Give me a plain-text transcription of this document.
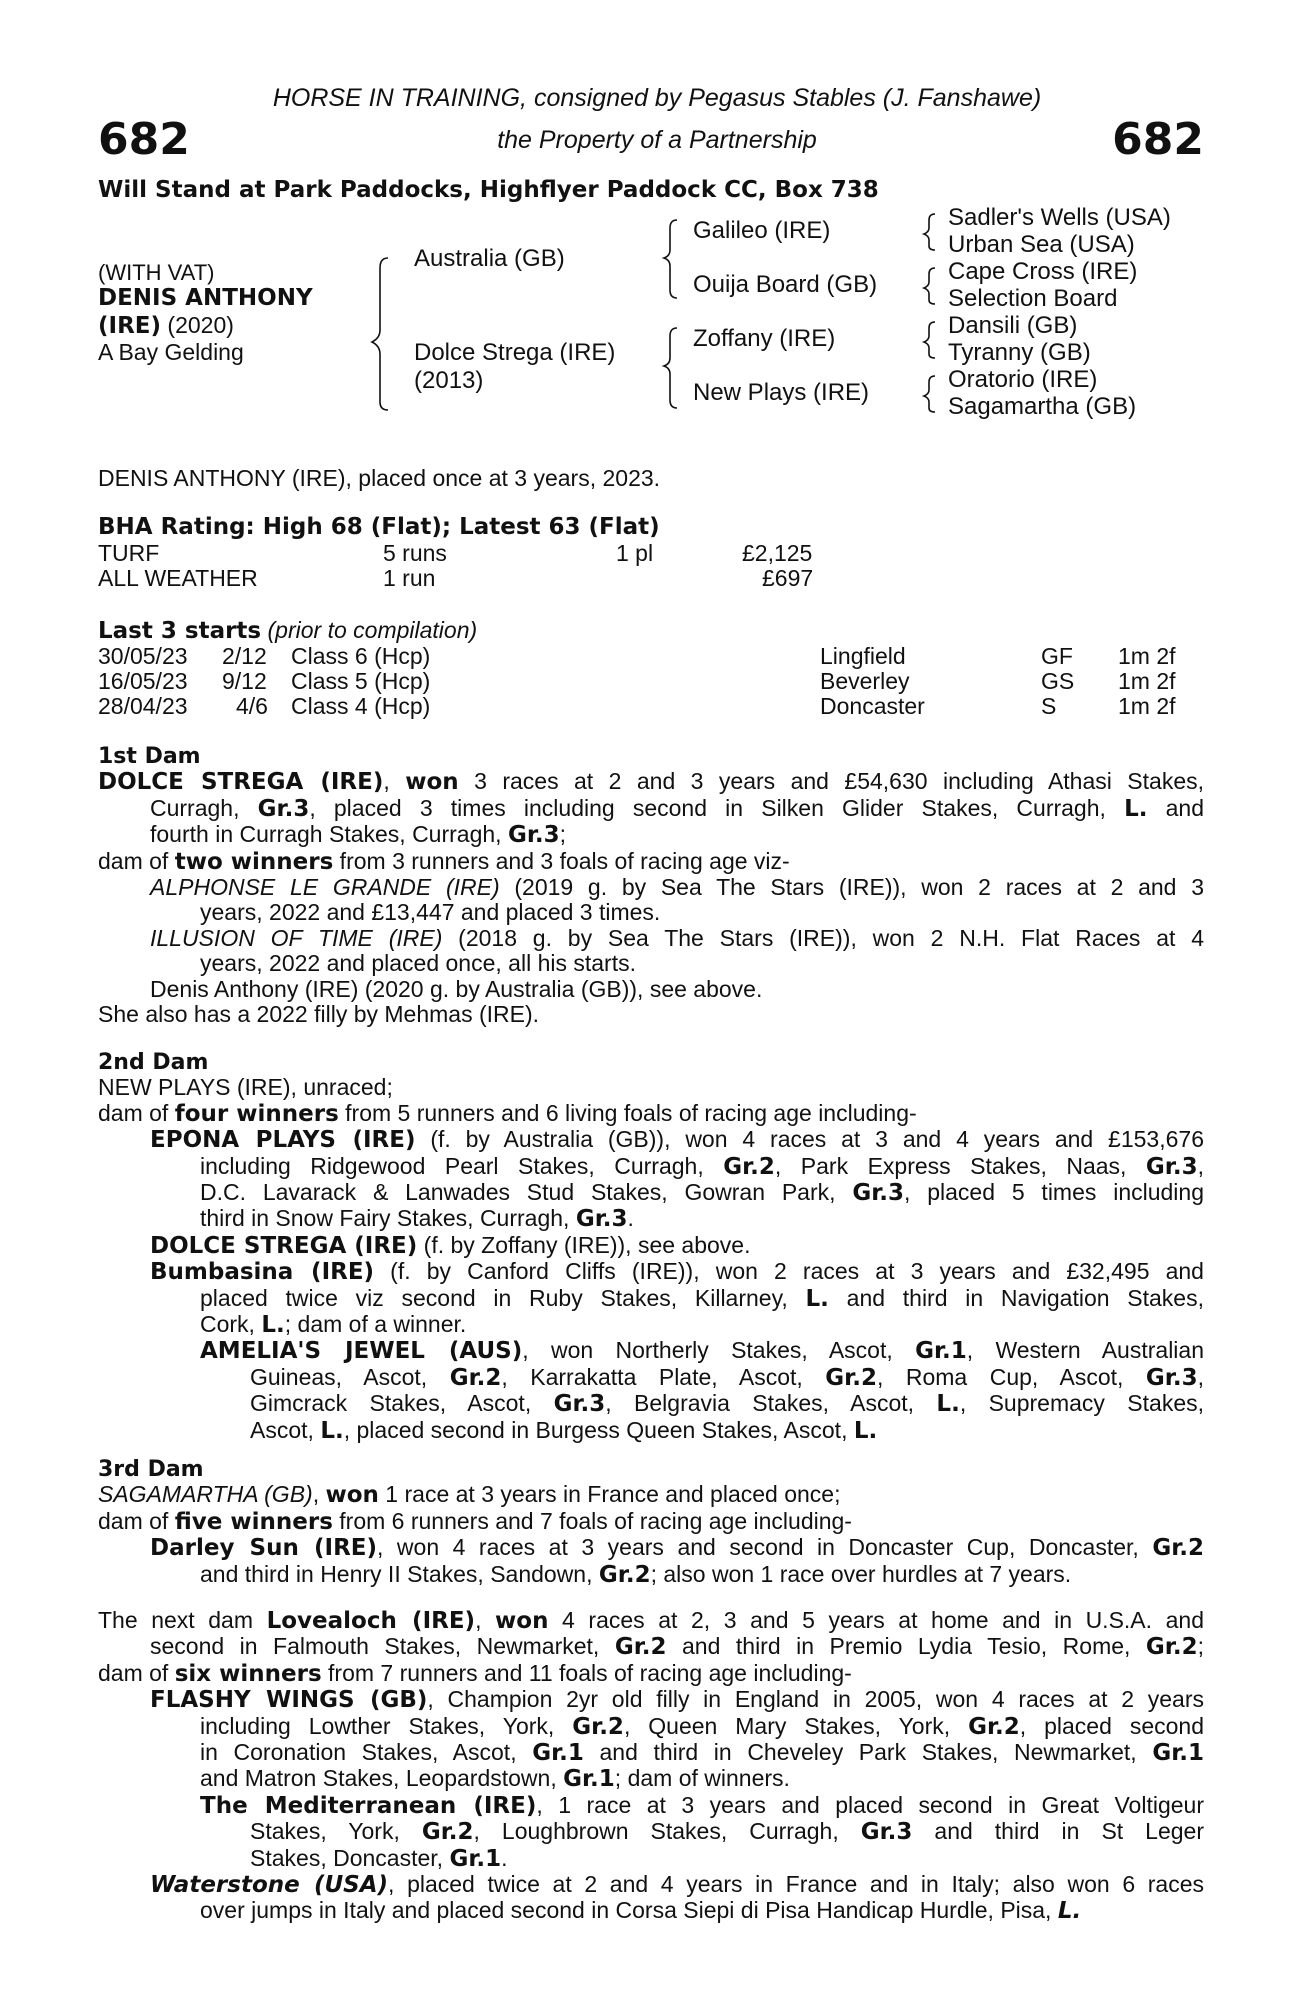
HORSE IN TRAINING, consigned by Pegasus Stables (J. Fanshawe)
the Property of a Partnership
682	682
Will Stand at Park Paddocks, Highflyer Paddock CC, Box 738
(WITH VAT)
DENIS ANTHONY
(IRE) (2020)
A Bay Gelding
Australia (GB)
Dolce Strega (IRE)
(2013)
Galileo (IRE)
Ouija Board (GB)
Zoffany (IRE)
New Plays (IRE)
Sadler's Wells (USA)
Urban Sea (USA)
Cape Cross (IRE)
Selection Board
Dansili (GB)
Tyranny (GB)
Oratorio (IRE)
Sagamartha (GB)
DENIS ANTHONY (IRE), placed once at 3 years, 2023.
BHA Rating: High 68 (Flat); Latest 63 (Flat)
TURF	5 runs	1 pl	£2,125
ALL WEATHER	1 run	£697
Last 3 starts (prior to compilation)
30/05/23 2/12 Class 6 (Hcp)	Lingfield	GF 1m 2f
16/05/23 9/12 Class 5 (Hcp)	Beverley	GS 1m 2f
28/04/23 4/6 Class 4 (Hcp)	Doncaster	S	1m 2f
1st Dam
DOLCE STREGA (IRE), won 3 races at 2 and 3 years and £54,630 including Athasi Stakes,
Curragh, Gr.3, placed 3 times including second in Silken Glider Stakes, Curragh, L. and
fourth in Curragh Stakes, Curragh, Gr.3;
dam of two winners from 3 runners and 3 foals of racing age viz-
ALPHONSE LE GRANDE (IRE) (2019 g. by Sea The Stars (IRE)), won 2 races at 2 and 3
years, 2022 and £13,447 and placed 3 times.
ILLUSION OF TIME (IRE) (2018 g. by Sea The Stars (IRE)), won 2 N.H. Flat Races at 4
years, 2022 and placed once, all his starts.
Denis Anthony (IRE) (2020 g. by Australia (GB)), see above.
She also has a 2022 filly by Mehmas (IRE).
2nd Dam
NEW PLAYS (IRE), unraced;
dam of four winners from 5 runners and 6 living foals of racing age including-
EPONA PLAYS (IRE) (f. by Australia (GB)), won 4 races at 3 and 4 years and £153,676
including Ridgewood Pearl Stakes, Curragh, Gr.2, Park Express Stakes, Naas, Gr.3,
D.C. Lavarack & Lanwades Stud Stakes, Gowran Park, Gr.3, placed 5 times including
third in Snow Fairy Stakes, Curragh, Gr.3.
DOLCE STREGA (IRE) (f. by Zoffany (IRE)), see above.
Bumbasina (IRE) (f. by Canford Cliffs (IRE)), won 2 races at 3 years and £32,495 and
placed twice viz second in Ruby Stakes, Killarney, L. and third in Navigation Stakes,
Cork, L.; dam of a winner.
AMELIA'S JEWEL (AUS), won Northerly Stakes, Ascot, Gr.1, Western Australian
Guineas, Ascot, Gr.2, Karrakatta Plate, Ascot, Gr.2, Roma Cup, Ascot, Gr.3,
Gimcrack Stakes, Ascot, Gr.3, Belgravia Stakes, Ascot, L., Supremacy Stakes,
Ascot, L., placed second in Burgess Queen Stakes, Ascot, L.
3rd Dam
SAGAMARTHA (GB), won 1 race at 3 years in France and placed once;
dam of five winners from 6 runners and 7 foals of racing age including-
Darley Sun (IRE), won 4 races at 3 years and second in Doncaster Cup, Doncaster, Gr.2
and third in Henry II Stakes, Sandown, Gr.2; also won 1 race over hurdles at 7 years.
The next dam Lovealoch (IRE), won 4 races at 2, 3 and 5 years at home and in U.S.A. and
second in Falmouth Stakes, Newmarket, Gr.2 and third in Premio Lydia Tesio, Rome, Gr.2;
dam of six winners from 7 runners and 11 foals of racing age including-
FLASHY WINGS (GB), Champion 2yr old filly in England in 2005, won 4 races at 2 years
including Lowther Stakes, York, Gr.2, Queen Mary Stakes, York, Gr.2, placed second
in Coronation Stakes, Ascot, Gr.1 and third in Cheveley Park Stakes, Newmarket, Gr.1
and Matron Stakes, Leopardstown, Gr.1; dam of winners.
The Mediterranean (IRE), 1 race at 3 years and placed second in Great Voltigeur
Stakes, York, Gr.2, Loughbrown Stakes, Curragh, Gr.3 and third in St Leger
Stakes, Doncaster, Gr.1.
Waterstone (USA), placed twice at 2 and 4 years in France and in Italy; also won 6 races
over jumps in Italy and placed second in Corsa Siepi di Pisa Handicap Hurdle, Pisa, L.
